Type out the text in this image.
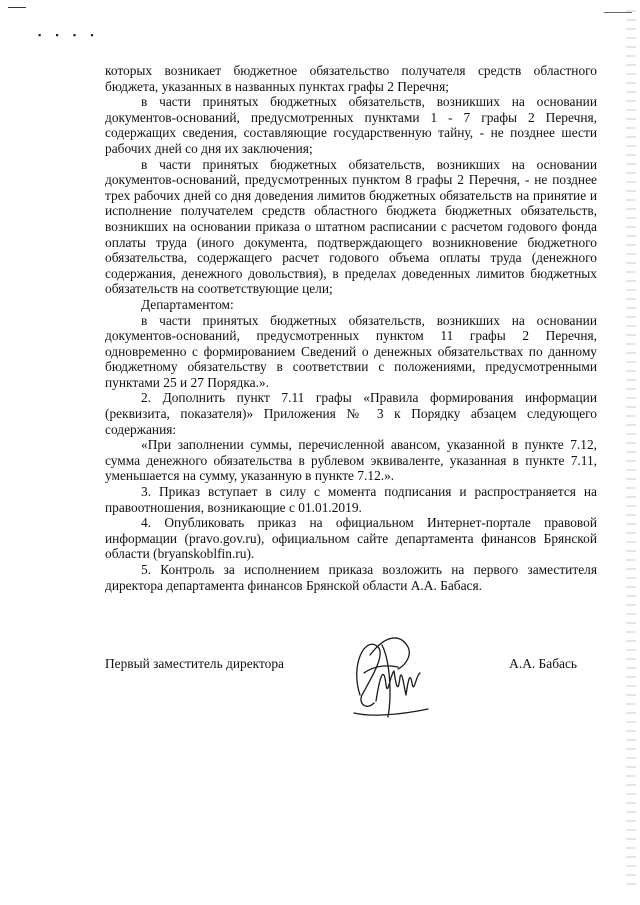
▪ ▪ ▪ ▪

которых возникает бюджетное обязательство получателя средств областного бюджета, указанных в названных пунктах графы 2 Перечня;

в части принятых бюджетных обязательств, возникших на основании документов-оснований, предусмотренных пунктами 1 - 7 графы 2 Перечня, содержащих сведения, составляющие государственную тайну, - не позднее шести рабочих дней со дня их заключения;

в части принятых бюджетных обязательств, возникших на основании документов-оснований, предусмотренных пунктом 8 графы 2 Перечня, - не позднее трех рабочих дней со дня доведения лимитов бюджетных обязательств на принятие и исполнение получателем средств областного бюджета бюджетных обязательств, возникших на основании приказа о штатном расписании с расчетом годового фонда оплаты труда (иного документа, подтверждающего возникновение бюджетного обязательства, содержащего расчет годового объема оплаты труда (денежного содержания, денежного довольствия), в пределах доведенных лимитов бюджетных обязательств на соответствующие цели;

Департаментом:

в части принятых бюджетных обязательств, возникших на основании документов-оснований, предусмотренных пунктом 11 графы 2 Перечня, одновременно с формированием Сведений о денежных обязательствах по данному бюджетному обязательству в соответствии с положениями, предусмотренными пунктами 25 и 27 Порядка.».

2. Дополнить пункт 7.11 графы «Правила формирования информации (реквизита, показателя)» Приложения № 3 к Порядку абзацем следующего содержания:

«При заполнении суммы, перечисленной авансом, указанной в пункте 7.12, сумма денежного обязательства в рублевом эквиваленте, указанная в пункте 7.11, уменьшается на сумму, указанную в пункте 7.12.».

3. Приказ вступает в силу с момента подписания и распространяется на правоотношения, возникающие с 01.01.2019.

4. Опубликовать приказ на официальном Интернет-портале правовой информации (pravo.gov.ru), официальном сайте департамента финансов Брянской области (bryanskoblfin.ru).

5. Контроль за исполнением приказа возложить на первого заместителя директора департамента финансов Брянской области А.А. Бабася.

Первый заместитель директора	А.А. Бабась
